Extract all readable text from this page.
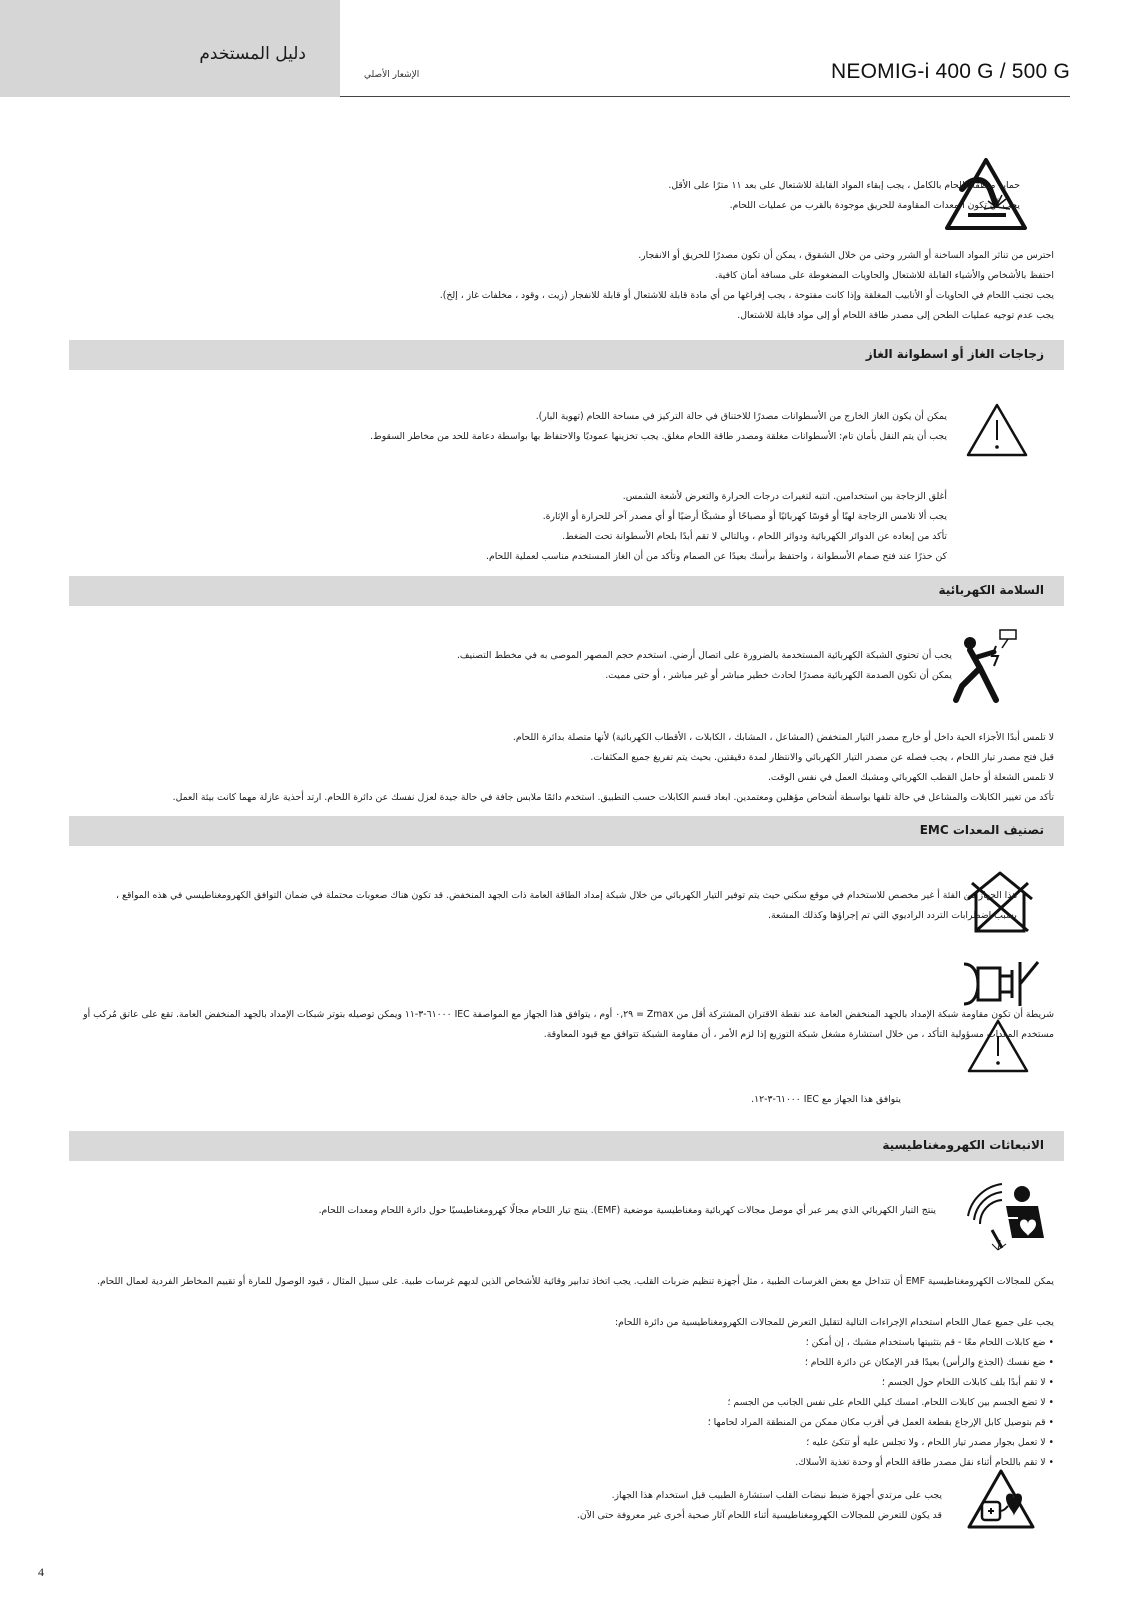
دليل المستخدم
الإشعار الأصلي	NEOMIG-i 400 G / 500 G

حماية منطقة اللحام بالكامل ، يجب إبقاء المواد القابلة للاشتعال على بعد ١١ مترًا على الأقل.

يجب أن تكون المعدات المقاومة للحريق موجودة بالقرب من عمليات اللحام.

احترس من تناثر المواد الساخنة أو الشرر وحتى من خلال الشقوق ، يمكن أن تكون مصدرًا للحريق أو الانفجار.

احتفظ بالأشخاص والأشياء القابلة للاشتعال والحاويات المضغوطة على مسافة أمان كافية.

يجب تجنب اللحام في الحاويات أو الأنابيب المغلقة وإذا كانت مفتوحة ، يجب إفراغها من أي مادة قابلة للاشتعال أو قابلة للانفجار (زيت ، وقود ، مخلفات غاز ، إلخ).

يجب عدم توجيه عمليات الطحن إلى مصدر طاقة اللحام أو إلى مواد قابلة للاشتعال.

زجاجات الغاز أو اسطوانة الغاز

يمكن أن يكون الغاز الخارج من الأسطوانات مصدرًا للاختناق في حالة التركيز في مساحة اللحام (تهوية البار).

يجب أن يتم النقل بأمان تام: الأسطوانات مغلقة ومصدر طاقة اللحام مغلق. يجب تخزينها عموديًا والاحتفاظ بها بواسطة دعامة للحد من مخاطر السقوط.

أغلق الزجاجة بين استخدامين. انتبه لتغيرات درجات الحرارة والتعرض لأشعة الشمس.

يجب ألا تلامس الزجاجة لهبًا أو قوسًا كهربائيًا أو مصباحًا أو مشبكًا أرضيًا أو أي مصدر آخر للحرارة أو الإثارة.

تأكد من إبعاده عن الدوائر الكهربائية ودوائر اللحام ، وبالتالي لا تقم أبدًا بلحام الأسطوانة تحت الضغط.

كن حذرًا عند فتح صمام الأسطوانة ، واحتفظ برأسك بعيدًا عن الصمام وتأكد من أن الغاز المستخدم مناسب لعملية اللحام.

السلامة الكهربائية

يجب أن تحتوي الشبكة الكهربائية المستخدمة بالضرورة على اتصال أرضي. استخدم حجم المصهر الموصى به في مخطط التصنيف.

يمكن أن تكون الصدمة الكهربائية مصدرًا لحادث خطير مباشر أو غير مباشر ، أو حتى مميت.

لا تلمس أبدًا الأجزاء الحية داخل أو خارج مصدر التيار المنخفض (المشاعل ، المشابك ، الكابلات ، الأقطاب الكهربائية) لأنها متصلة بدائرة اللحام.

قبل فتح مصدر تيار اللحام ، يجب فصله عن مصدر التيار الكهربائي والانتظار لمدة دقيقتين. بحيث يتم تفريغ جميع المكثفات.

لا تلمس الشعلة أو حامل القطب الكهربائي ومشبك العمل في نفس الوقت.

تأكد من تغيير الكابلات والمشاعل في حالة تلفها بواسطة أشخاص مؤهلين ومعتمدين. ابعاد قسم الكابلات حسب التطبيق. استخدم دائمًا ملابس جافة في حالة جيدة لعزل نفسك عن دائرة اللحام. ارتد أحذية عازلة مهما كانت بيئة العمل.

تصنيف المعدات EMC

هذا الجهاز من الفئة أ غير مخصص للاستخدام في موقع سكني حيث يتم توفير التيار الكهربائي من خلال شبكة إمداد الطاقة العامة ذات الجهد المنخفض. قد تكون هناك صعوبات محتملة في ضمان التوافق الكهرومغناطيسي في هذه المواقع ، بسبب اضطرابات التردد الراديوي التي تم إجراؤها وكذلك المشعة.

شريطة أن تكون مقاومة شبكة الإمداد بالجهد المنخفض العامة عند نقطة الاقتران المشتركة أقل من Zmax = ٠,٢٩ أوم ، يتوافق هذا الجهاز مع المواصفة IEC ٦١٠٠٠-٣-١١ ويمكن توصيله بتوتر شبكات الإمداد بالجهد المنخفض العامة. تقع على عاتق مُركب أو مستخدم المعدات مسؤولية التأكد ، من خلال استشارة مشغل شبكة التوزيع إذا لزم الأمر ، أن مقاومة الشبكة تتوافق مع قيود المعاوقة.

يتوافق هذا الجهاز مع IEC ٦١٠٠٠-٣-١٢.

الانبعاثات الكهرومغناطيسية

ينتج التيار الكهربائي الذي يمر عبر أي موصل مجالات كهربائية ومغناطيسية موضعية (EMF). ينتج تيار اللحام مجالًا كهرومغناطيسيًا حول دائرة اللحام ومعدات اللحام.

يمكن للمجالات الكهرومغناطيسية EMF أن تتداخل مع بعض الغرسات الطبية ، مثل أجهزة تنظيم ضربات القلب. يجب اتخاذ تدابير وقائية للأشخاص الذين لديهم غرسات طبية. على سبيل المثال ، قيود الوصول للمارة أو تقييم المخاطر الفردية لعمال اللحام.

يجب على جميع عمال اللحام استخدام الإجراءات التالية لتقليل التعرض للمجالات الكهرومغناطيسية من دائرة اللحام:

• ضع كابلات اللحام معًا - قم بتثبيتها باستخدام مشبك ، إن أمكن ؛

• ضع نفسك (الجذع والرأس) بعيدًا قدر الإمكان عن دائرة اللحام ؛

• لا تقم أبدًا بلف كابلات اللحام حول الجسم ؛

• لا تضع الجسم بين كابلات اللحام. امسك كبلي اللحام على نفس الجانب من الجسم ؛

• قم بتوصيل كابل الإرجاع بقطعة العمل في أقرب مكان ممكن من المنطقة المراد لحامها ؛

• لا تعمل بجوار مصدر تيار اللحام ، ولا تجلس عليه أو تتكئ عليه ؛

• لا تقم باللحام أثناء نقل مصدر طاقة اللحام أو وحدة تغذية الأسلاك.

يجب على مرتدي أجهزة ضبط نبضات القلب استشارة الطبيب قبل استخدام هذا الجهاز.

قد يكون للتعرض للمجالات الكهرومغناطيسية أثناء اللحام آثار صحية أخرى غير معروفة حتى الآن.

4
